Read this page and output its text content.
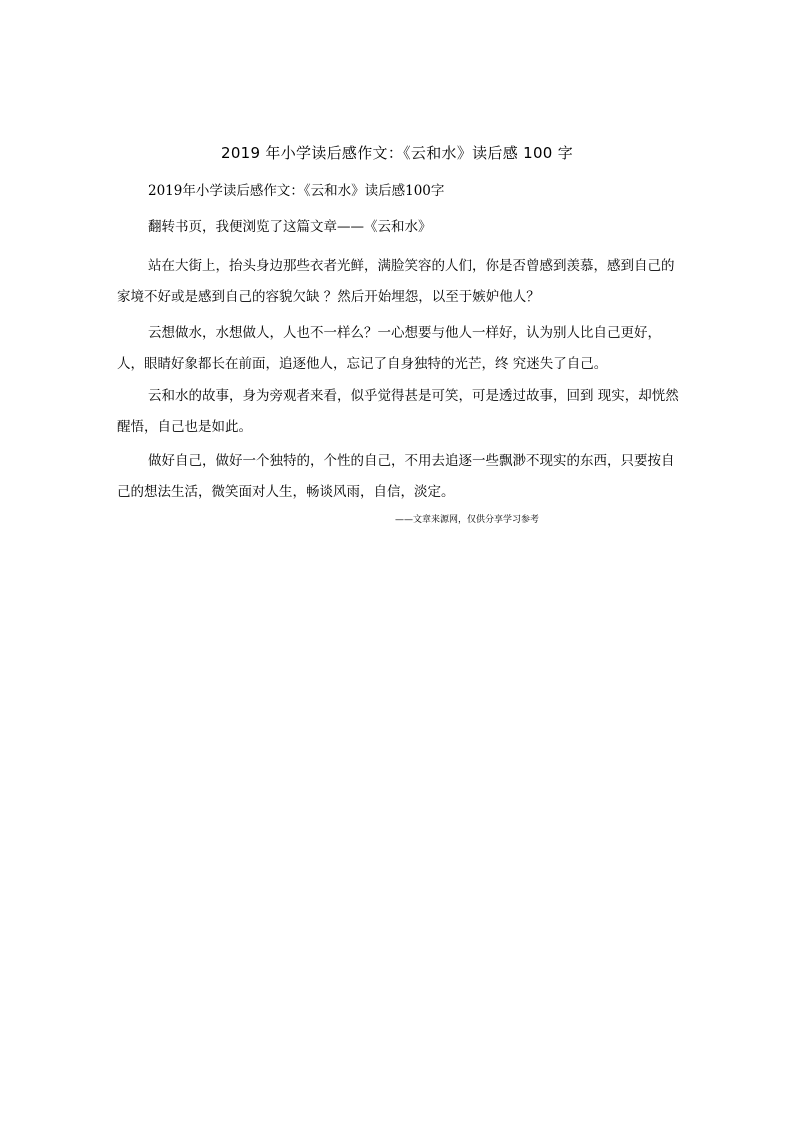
2019 年小学读后感作文：《云和水》读后感 100 字
2019年小学读后感作文：《云和水》读后感100字

翻转书页，我便浏览了这篇文章——《云和水》

站在大街上，抬头身边那些衣者光鲜，满脸笑容的人们，你是否曾感到羡慕，感到自己的家境不好或是感到自己的容貌欠缺 ？然后开始埋怨，以至于嫉妒他人？

云想做水，水想做人，人也不一样么？一心想要与他人一样好，认为别人比自己更好，人，眼睛好象都长在前面，追逐他人，忘记了自身独特的光芒，终 究迷失了自己。

云和水的故事，身为旁观者来看，似乎觉得甚是可笑，可是透过故事，回到 现实，却恍然醒悟，自己也是如此。

做好自己，做好一个独特的，个性的自己，不用去追逐一些飘渺不现实的东西，只要按自己的想法生活，微笑面对人生，畅谈风雨，自信，淡定。

——文章来源网，仅供分享学习参考
